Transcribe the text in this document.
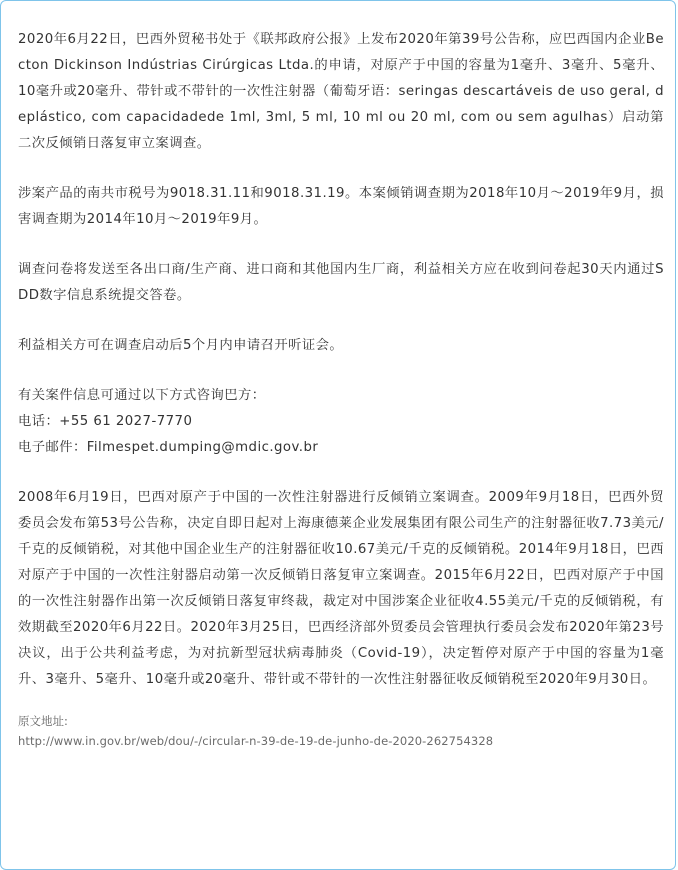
2020年6月22日，巴西外贸秘书处于《联邦政府公报》上发布2020年第39号公告称，应巴西国内企业Becton Dickinson Indústrias Cirúrgicas Ltda.的申请，对原产于中国的容量为1毫升、3毫升、5毫升、10毫升或20毫升、带针或不带针的一次性注射器（葡萄牙语：seringas descartáveis de uso geral, deplástico, com capacidadede 1ml, 3ml, 5 ml, 10 ml ou 20 ml, com ou sem agulhas）启动第二次反倾销日落复审立案调查。

涉案产品的南共市税号为9018.31.11和9018.31.19。本案倾销调查期为2018年10月～2019年9月，损害调查期为2014年10月～2019年9月。

调查问卷将发送至各出口商/生产商、进口商和其他国内生厂商，利益相关方应在收到问卷起30天内通过SDD数字信息系统提交答卷。

利益相关方可在调查启动后5个月内申请召开听证会。

有关案件信息可通过以下方式咨询巴方：
电话：+55 61 2027-7770
电子邮件：Filmespet.dumping@mdic.gov.br

2008年6月19日，巴西对原产于中国的一次性注射器进行反倾销立案调查。2009年9月18日，巴西外贸委员会发布第53号公告称，决定自即日起对上海康德莱企业发展集团有限公司生产的注射器征收7.73美元/千克的反倾销税，对其他中国企业生产的注射器征收10.67美元/千克的反倾销税。2014年9月18日，巴西对原产于中国的一次性注射器启动第一次反倾销日落复审立案调查。2015年6月22日，巴西对原产于中国的一次性注射器作出第一次反倾销日落复审终裁，裁定对中国涉案企业征收4.55美元/千克的反倾销税，有效期截至2020年6月22日。2020年3月25日，巴西经济部外贸委员会管理执行委员会发布2020年第23号决议，出于公共利益考虑，为对抗新型冠状病毒肺炎（Covid-19），决定暂停对原产于中国的容量为1毫升、3毫升、5毫升、10毫升或20毫升、带针或不带针的一次性注射器征收反倾销税至2020年9月30日。

原文地址:
http://www.in.gov.br/web/dou/-/circular-n-39-de-19-de-junho-de-2020-262754328
